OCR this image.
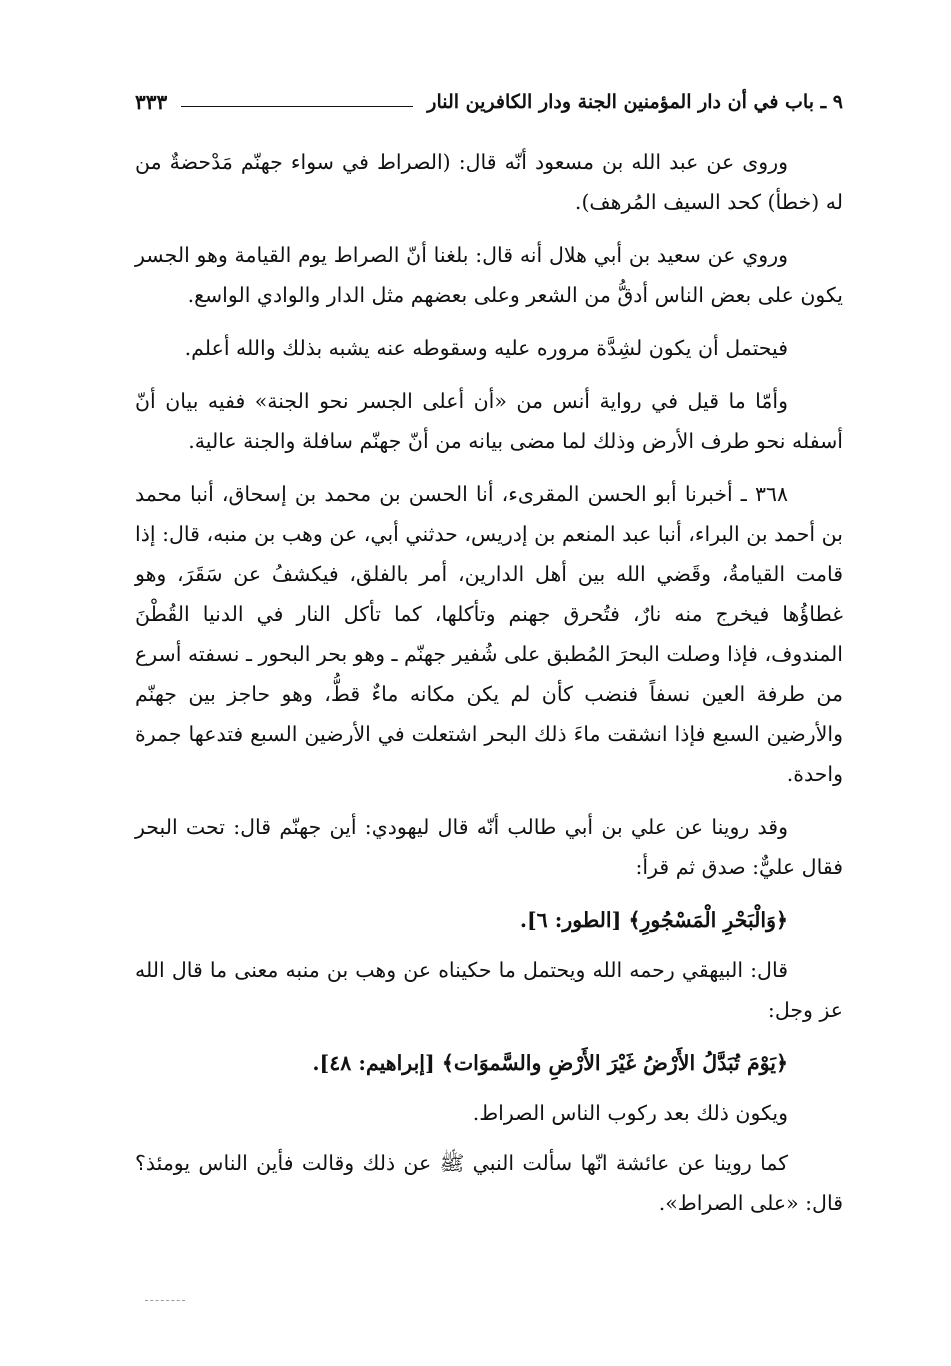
٩ ـ باب في أن دار المؤمنين الجنة ودار الكافرين النار
٣٣٣

وروى عن عبد الله بن مسعود أنّه قال: (الصراط في سواء جهنّم مَدْحضةٌ من له (خطأ) كحد السيف المُرهف).

وروي عن سعيد بن أبي هلال أنه قال: بلغنا أنّ الصراط يوم القيامة وهو الجسر يكون على بعض الناس أدقُّ من الشعر وعلى بعضهم مثل الدار والوادي الواسع.

فيحتمل أن يكون لشِدَّة مروره عليه وسقوطه عنه يشبه بذلك والله أعلم.

وأمّا ما قيل في رواية أنس من «أن أعلى الجسر نحو الجنة» ففيه بيان أنّ أسفله نحو طرف الأرض وذلك لما مضى بيانه من أنّ جهنّم سافلة والجنة عالية.

٣٦٨ ـ أخبرنا أبو الحسن المقرىء، أنا الحسن بن محمد بن إسحاق، أنبا محمد بن أحمد بن البراء، أنبا عبد المنعم بن إدريس، حدثني أبي، عن وهب بن منبه، قال: إذا قامت القيامةُ، وقَضي الله بين أهل الدارين، أمر بالفلق، فيكشفُ عن سَقَرَ، وهو غطاؤُها فيخرج منه نارٌ، فتُحرق جهنم وتأكلها، كما تأكل النار في الدنيا القُطْنَ المندوف، فإذا وصلت البحرَ المُطبق على شُفير جهنّم ـ وهو بحر البحور ـ نسفته أسرع من طرفة العين نسفاً فنضب كأن لم يكن مكانه ماءٌ قطُّ، وهو حاجز بين جهنّم والأرضين السبع فإذا انشقت ماءَ ذلك البحر اشتعلت في الأرضين السبع فتدعها جمرة واحدة.

وقد روينا عن علي بن أبي طالب أنّه قال ليهودي: أين جهنّم قال: تحت البحر فقال عليٌّ: صدق ثم قرأ:

﴿وَالْبَحْرِ الْمَسْجُورِ﴾ [الطور: ٦].

قال: البيهقي رحمه الله ويحتمل ما حكيناه عن وهب بن منبه معنى ما قال الله عز وجل:

﴿يَوْمَ تُبَدَّلُ الأَرْضُ غَيْرَ الأَرْضِ والسَّموَات﴾ [إبراهيم: ٤٨].

ويكون ذلك بعد ركوب الناس الصراط.

كما روينا عن عائشة انّها سألت النبي ﷺ عن ذلك وقالت فأين الناس يومئذ؟ قال: «على الصراط».
